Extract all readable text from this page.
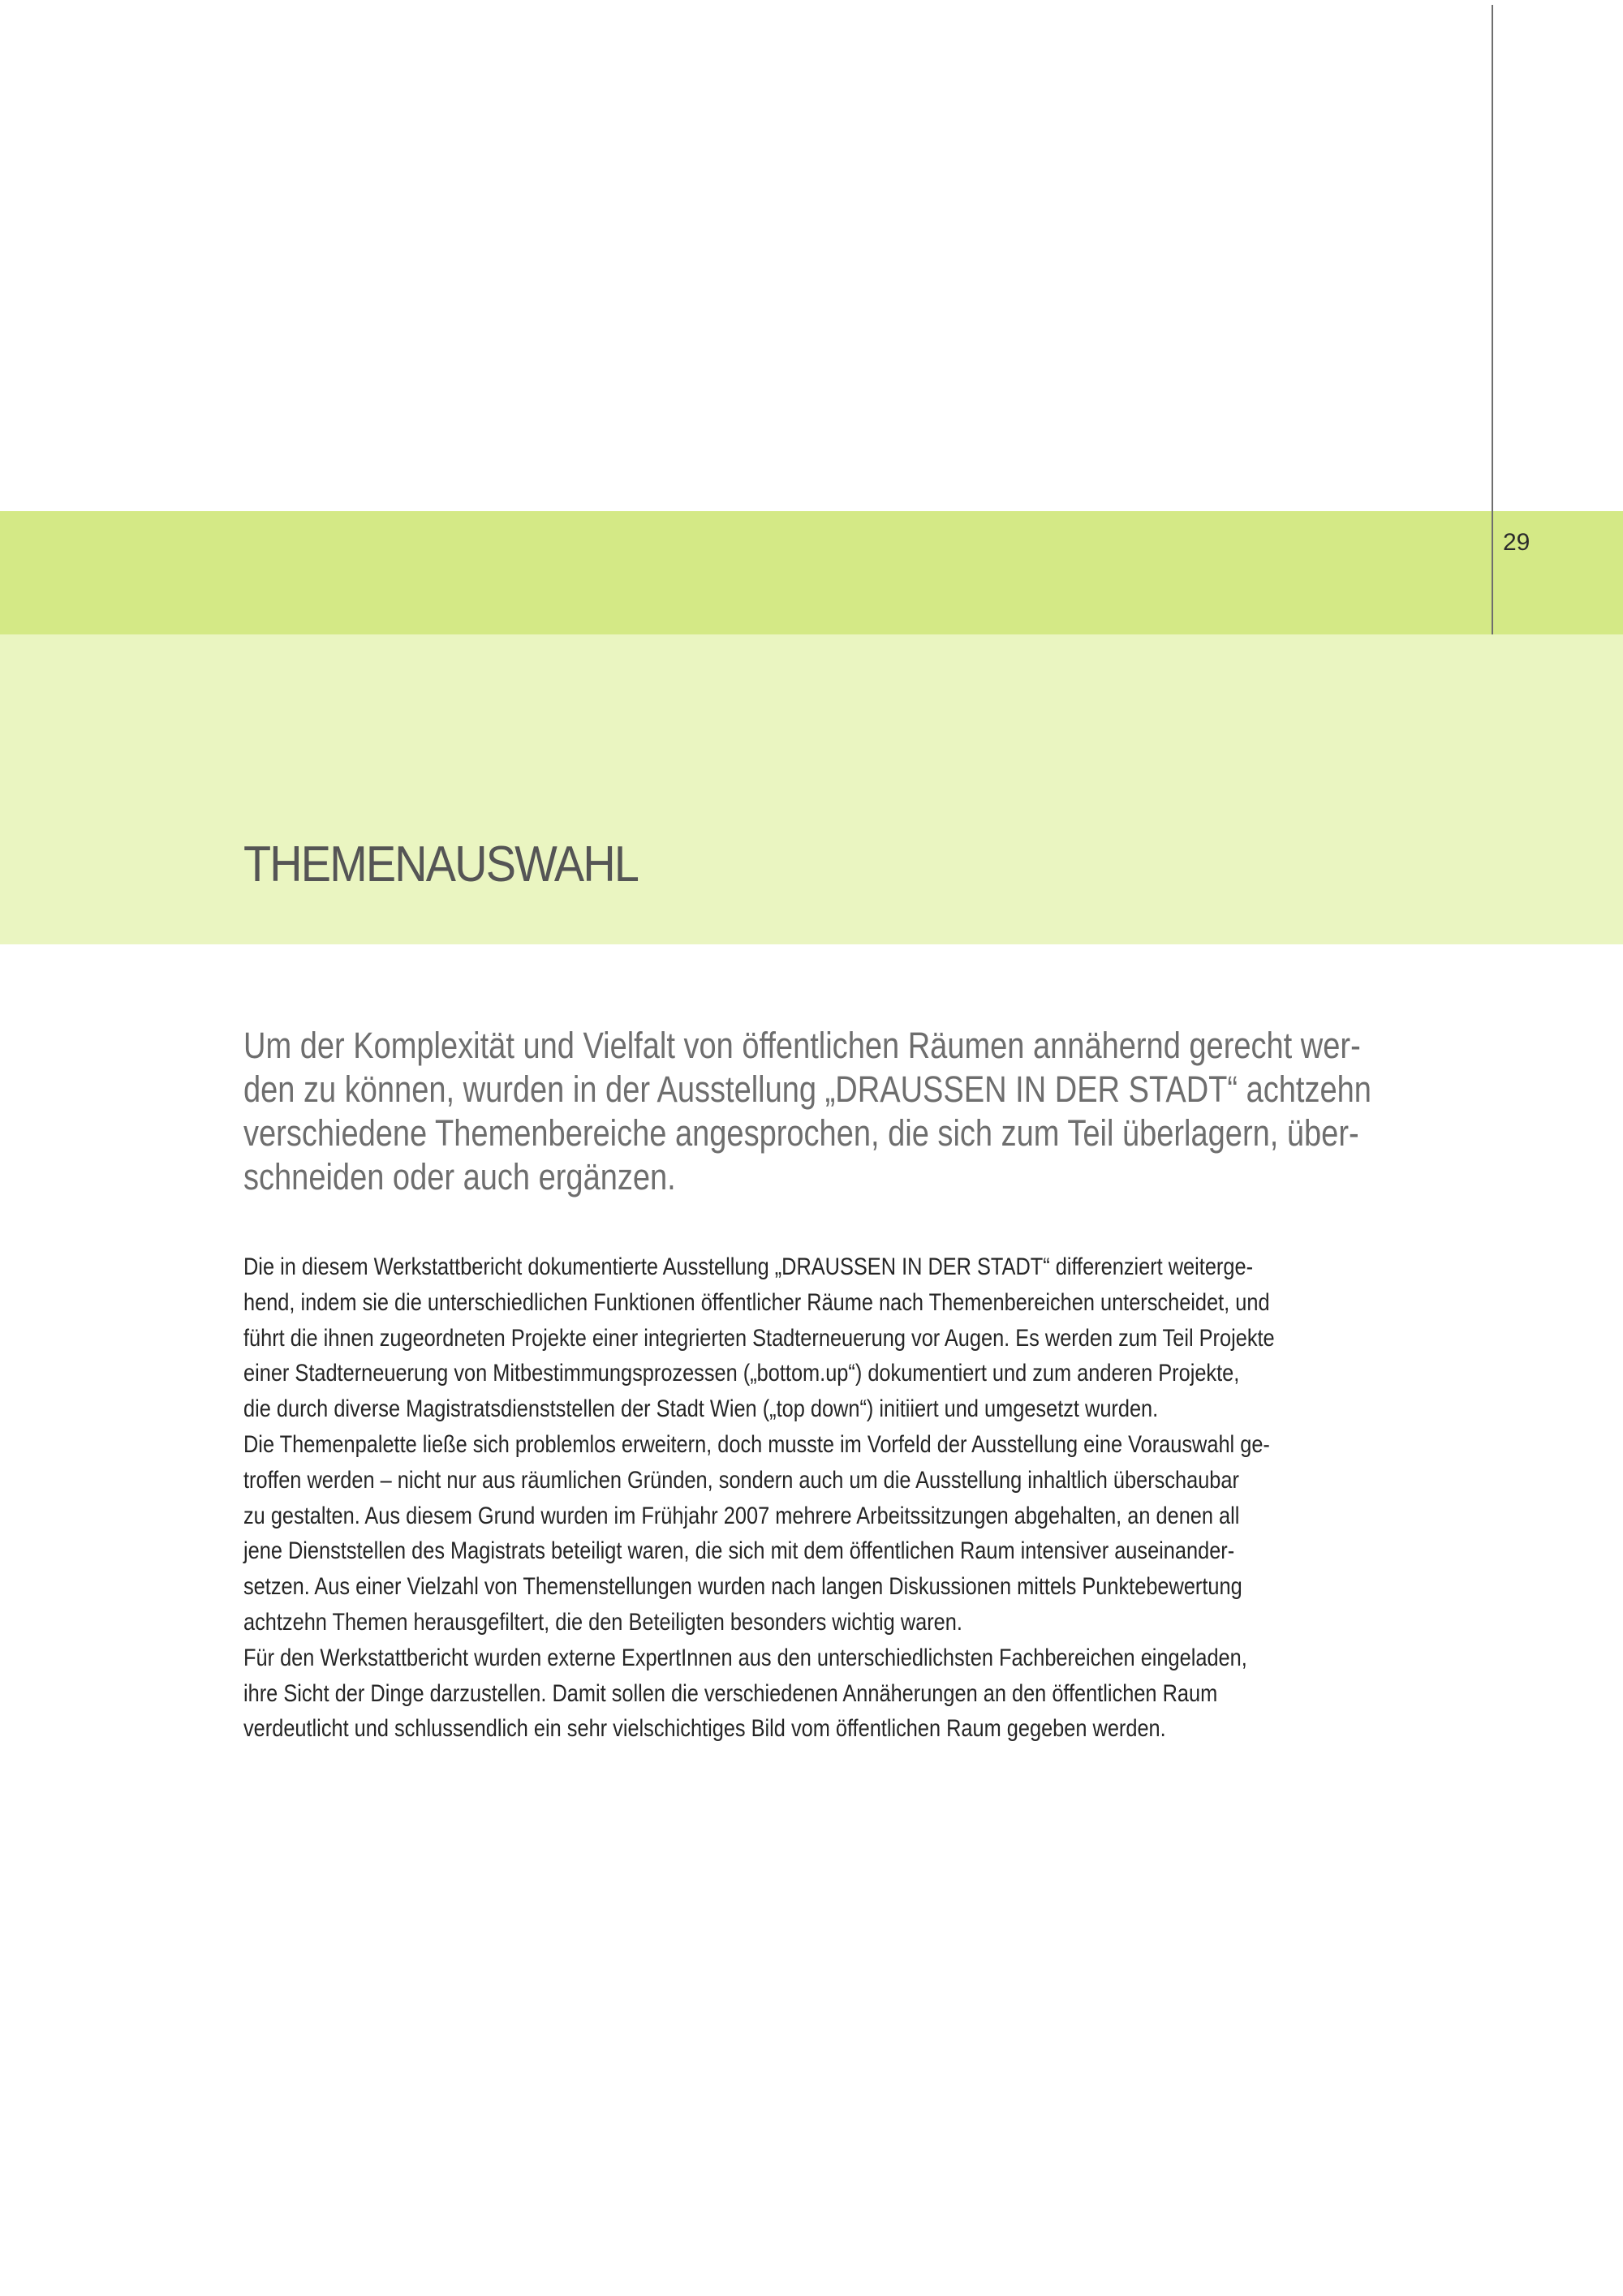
29
THEMENAUSWAHL
Um der Komplexität und Vielfalt von öffentlichen Räumen annähernd gerecht wer-
den zu können, wurden in der Ausstellung „DRAUSSEN IN DER STADT“ achtzehn
verschiedene Themenbereiche angesprochen, die sich zum Teil überlagern, über-
schneiden oder auch ergänzen.
Die in diesem Werkstattbericht dokumentierte Ausstellung „DRAUSSEN IN DER STADT“ differenziert weiterge-
hend, indem sie die unterschiedlichen Funktionen öffentlicher Räume nach Themenbereichen unterscheidet, und
führt die ihnen zugeordneten Projekte einer integrierten Stadterneuerung vor Augen. Es werden zum Teil Projekte
einer Stadterneuerung von Mitbestimmungsprozessen („bottom.up“) dokumentiert und zum anderen Projekte,
die durch diverse Magistratsdienststellen der Stadt Wien („top down“) initiiert und umgesetzt wurden.
Die Themenpalette ließe sich problemlos erweitern, doch musste im Vorfeld der Ausstellung eine Vorauswahl ge-
troffen werden – nicht nur aus räumlichen Gründen, sondern auch um die Ausstellung inhaltlich überschaubar
zu gestalten. Aus diesem Grund wurden im Frühjahr 2007 mehrere Arbeitssitzungen abgehalten, an denen all
jene Dienststellen des Magistrats beteiligt waren, die sich mit dem öffentlichen Raum intensiver auseinander-
setzen. Aus einer Vielzahl von Themenstellungen wurden nach langen Diskussionen mittels Punktebewertung
achtzehn Themen herausgefiltert, die den Beteiligten besonders wichtig waren.
Für den Werkstattbericht wurden externe ExpertInnen aus den unterschiedlichsten Fachbereichen eingeladen,
ihre Sicht der Dinge darzustellen. Damit sollen die verschiedenen Annäherungen an den öffentlichen Raum
verdeutlicht und schlussendlich ein sehr vielschichtiges Bild vom öffentlichen Raum gegeben werden.
